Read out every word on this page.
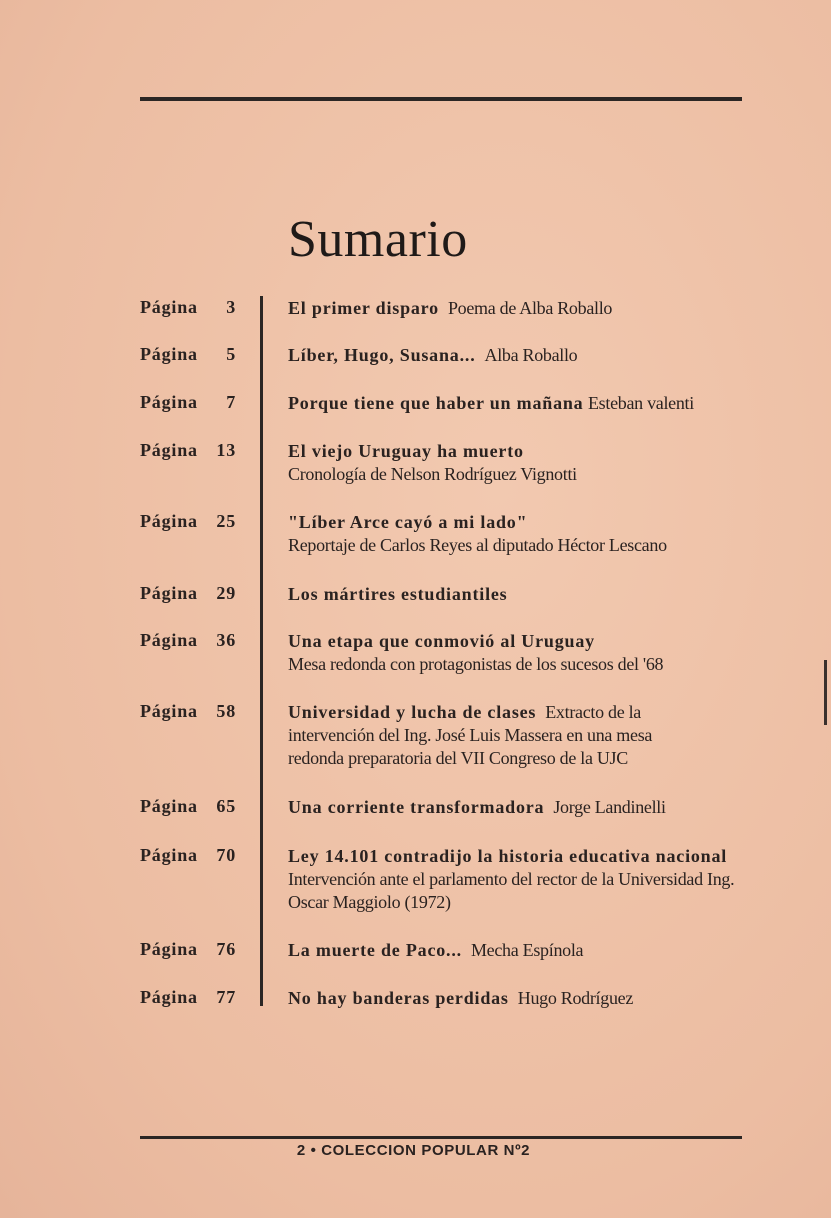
Sumario
Página 3	El primer disparo Poema de Alba Roballo
Página 5	Líber, Hugo, Susana... Alba Roballo
Página 7	Porque tiene que haber un mañana Esteban valenti
Página 13	El viejo Uruguay ha muerto
Cronología de Nelson Rodríguez Vignotti
Página 25	"Líber Arce cayó a mi lado"
Reportaje de Carlos Reyes al diputado Héctor Lescano
Página 29	Los mártires estudiantiles
Página 36	Una etapa que conmovió al Uruguay
Mesa redonda con protagonistas de los sucesos del '68
Página 58	Universidad y lucha de clases Extracto de la intervención del Ing. José Luis Massera en una mesa redonda preparatoria del VII Congreso de la UJC
Página 65	Una corriente transformadora Jorge Landinelli
Página 70	Ley 14.101 contradijo la historia educativa nacional  Intervención ante el parlamento del rector de la Universidad Ing. Oscar Maggiolo (1972)
Página 76	La muerte de Paco... Mecha Espínola
Página 77	No hay banderas perdidas Hugo Rodríguez
2 • COLECCION POPULAR Nº2
